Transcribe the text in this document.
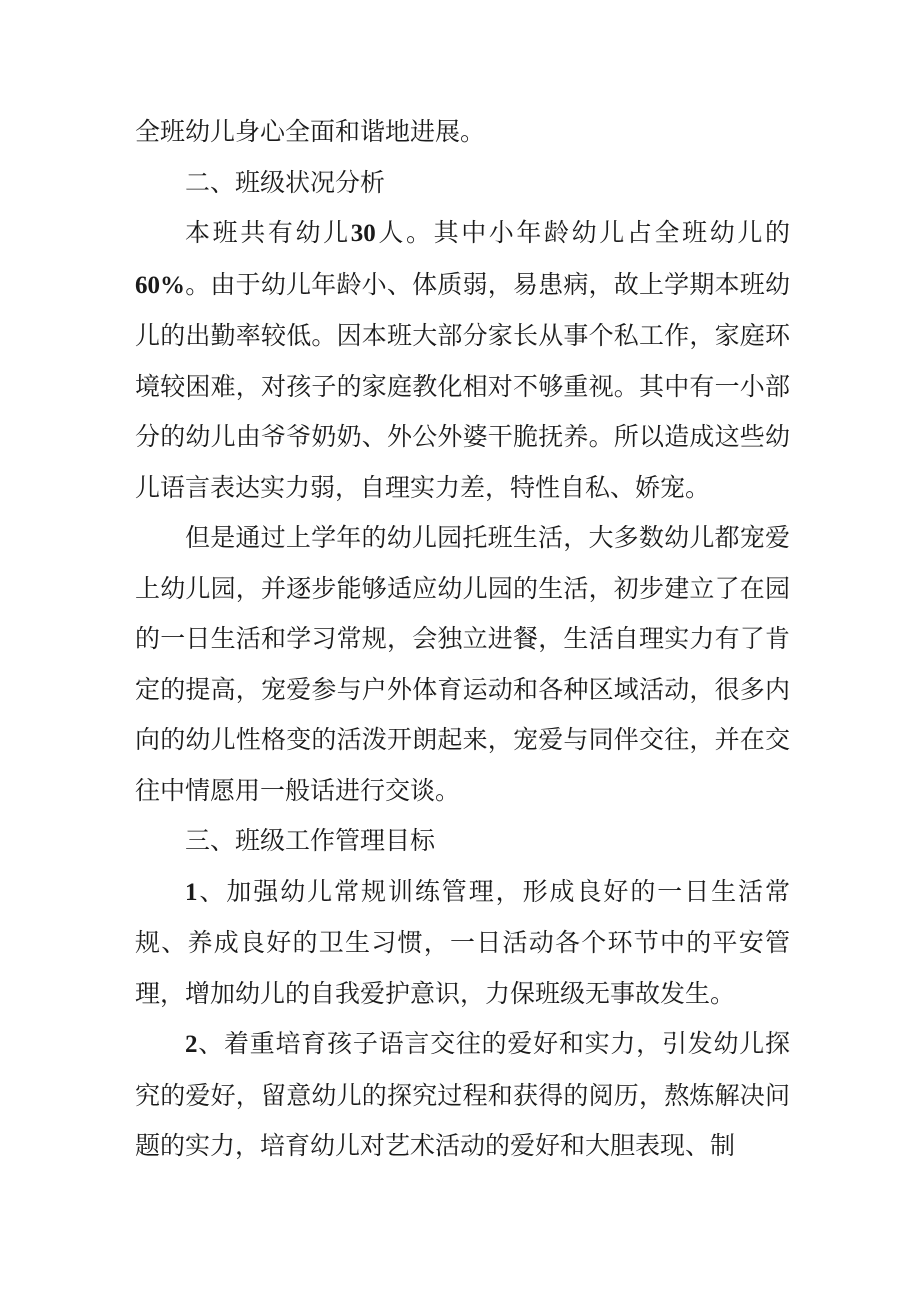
全班幼儿身心全面和谐地进展。

二、班级状况分析

本班共有幼儿30人。其中小年龄幼儿占全班幼儿的60%。由于幼儿年龄小、体质弱，易患病，故上学期本班幼儿的出勤率较低。因本班大部分家长从事个私工作，家庭环境较困难，对孩子的家庭教化相对不够重视。其中有一小部分的幼儿由爷爷奶奶、外公外婆干脆抚养。所以造成这些幼儿语言表达实力弱，自理实力差，特性自私、娇宠。

但是通过上学年的幼儿园托班生活，大多数幼儿都宠爱上幼儿园，并逐步能够适应幼儿园的生活，初步建立了在园的一日生活和学习常规，会独立进餐，生活自理实力有了肯定的提高，宠爱参与户外体育运动和各种区域活动，很多内向的幼儿性格变的活泼开朗起来，宠爱与同伴交往，并在交往中情愿用一般话进行交谈。

三、班级工作管理目标

1、加强幼儿常规训练管理，形成良好的一日生活常规、养成良好的卫生习惯，一日活动各个环节中的平安管理，增加幼儿的自我爱护意识，力保班级无事故发生。

2、着重培育孩子语言交往的爱好和实力，引发幼儿探究的爱好，留意幼儿的探究过程和获得的阅历，熬炼解决问题的实力，培育幼儿对艺术活动的爱好和大胆表现、制
